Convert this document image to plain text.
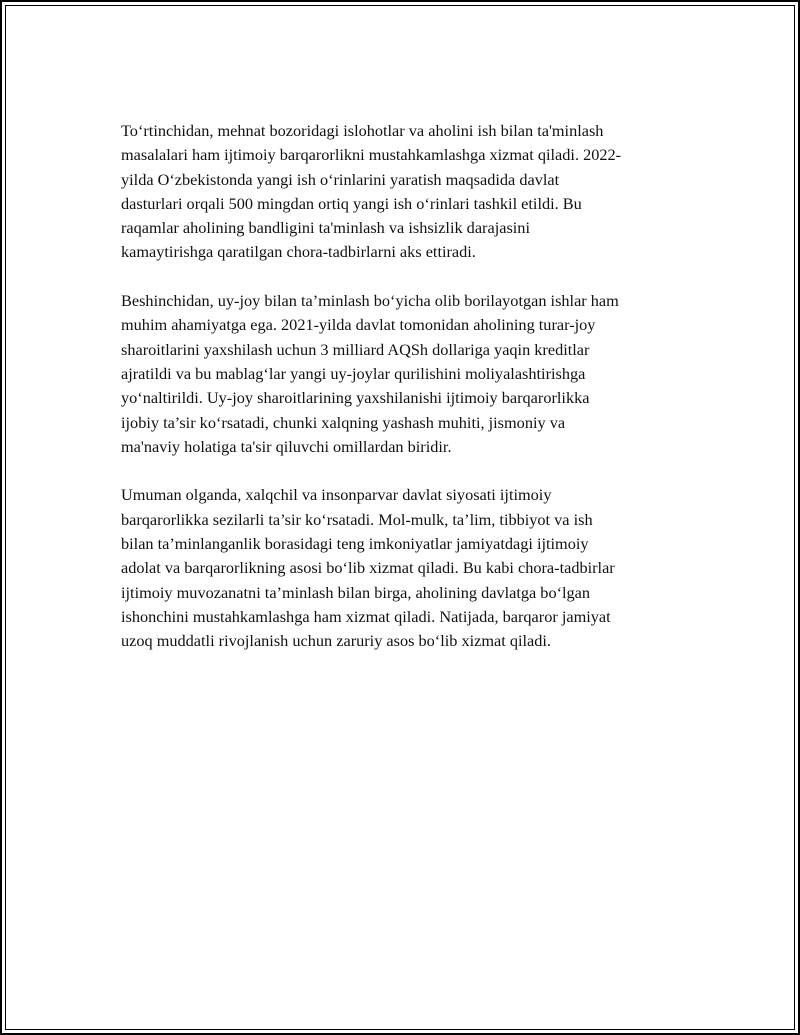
To‘rtinchidan, mehnat bozoridagi islohotlar va aholini ish bilan ta'minlash
masalalari ham ijtimoiy barqarorlikni mustahkamlashga xizmat qiladi. 2022-
yilda O‘zbekistonda yangi ish o‘rinlarini yaratish maqsadida davlat
dasturlari orqali 500 mingdan ortiq yangi ish o‘rinlari tashkil etildi. Bu
raqamlar aholining bandligini ta'minlash va ishsizlik darajasini
kamaytirishga qaratilgan chora-tadbirlarni aks ettiradi.

Beshinchidan, uy-joy bilan ta’minlash bo‘yicha olib borilayotgan ishlar ham
muhim ahamiyatga ega. 2021-yilda davlat tomonidan aholining turar-joy
sharoitlarini yaxshilash uchun 3 milliard AQSh dollariga yaqin kreditlar
ajratildi va bu mablag‘lar yangi uy-joylar qurilishini moliyalashtirishga
yo‘naltirildi. Uy-joy sharoitlarining yaxshilanishi ijtimoiy barqarorlikka
ijobiy ta’sir ko‘rsatadi, chunki xalqning yashash muhiti, jismoniy va
ma'naviy holatiga ta'sir qiluvchi omillardan biridir.

Umuman olganda, xalqchil va insonparvar davlat siyosati ijtimoiy
barqarorlikka sezilarli ta’sir ko‘rsatadi. Mol-mulk, ta’lim, tibbiyot va ish
bilan ta’minlanganlik borasidagi teng imkoniyatlar jamiyatdagi ijtimoiy
adolat va barqarorlikning asosi bo‘lib xizmat qiladi. Bu kabi chora-tadbirlar
ijtimoiy muvozanatni ta’minlash bilan birga, aholining davlatga bo‘lgan
ishonchini mustahkamlashga ham xizmat qiladi. Natijada, barqaror jamiyat
uzoq muddatli rivojlanish uchun zaruriy asos bo‘lib xizmat qiladi.
